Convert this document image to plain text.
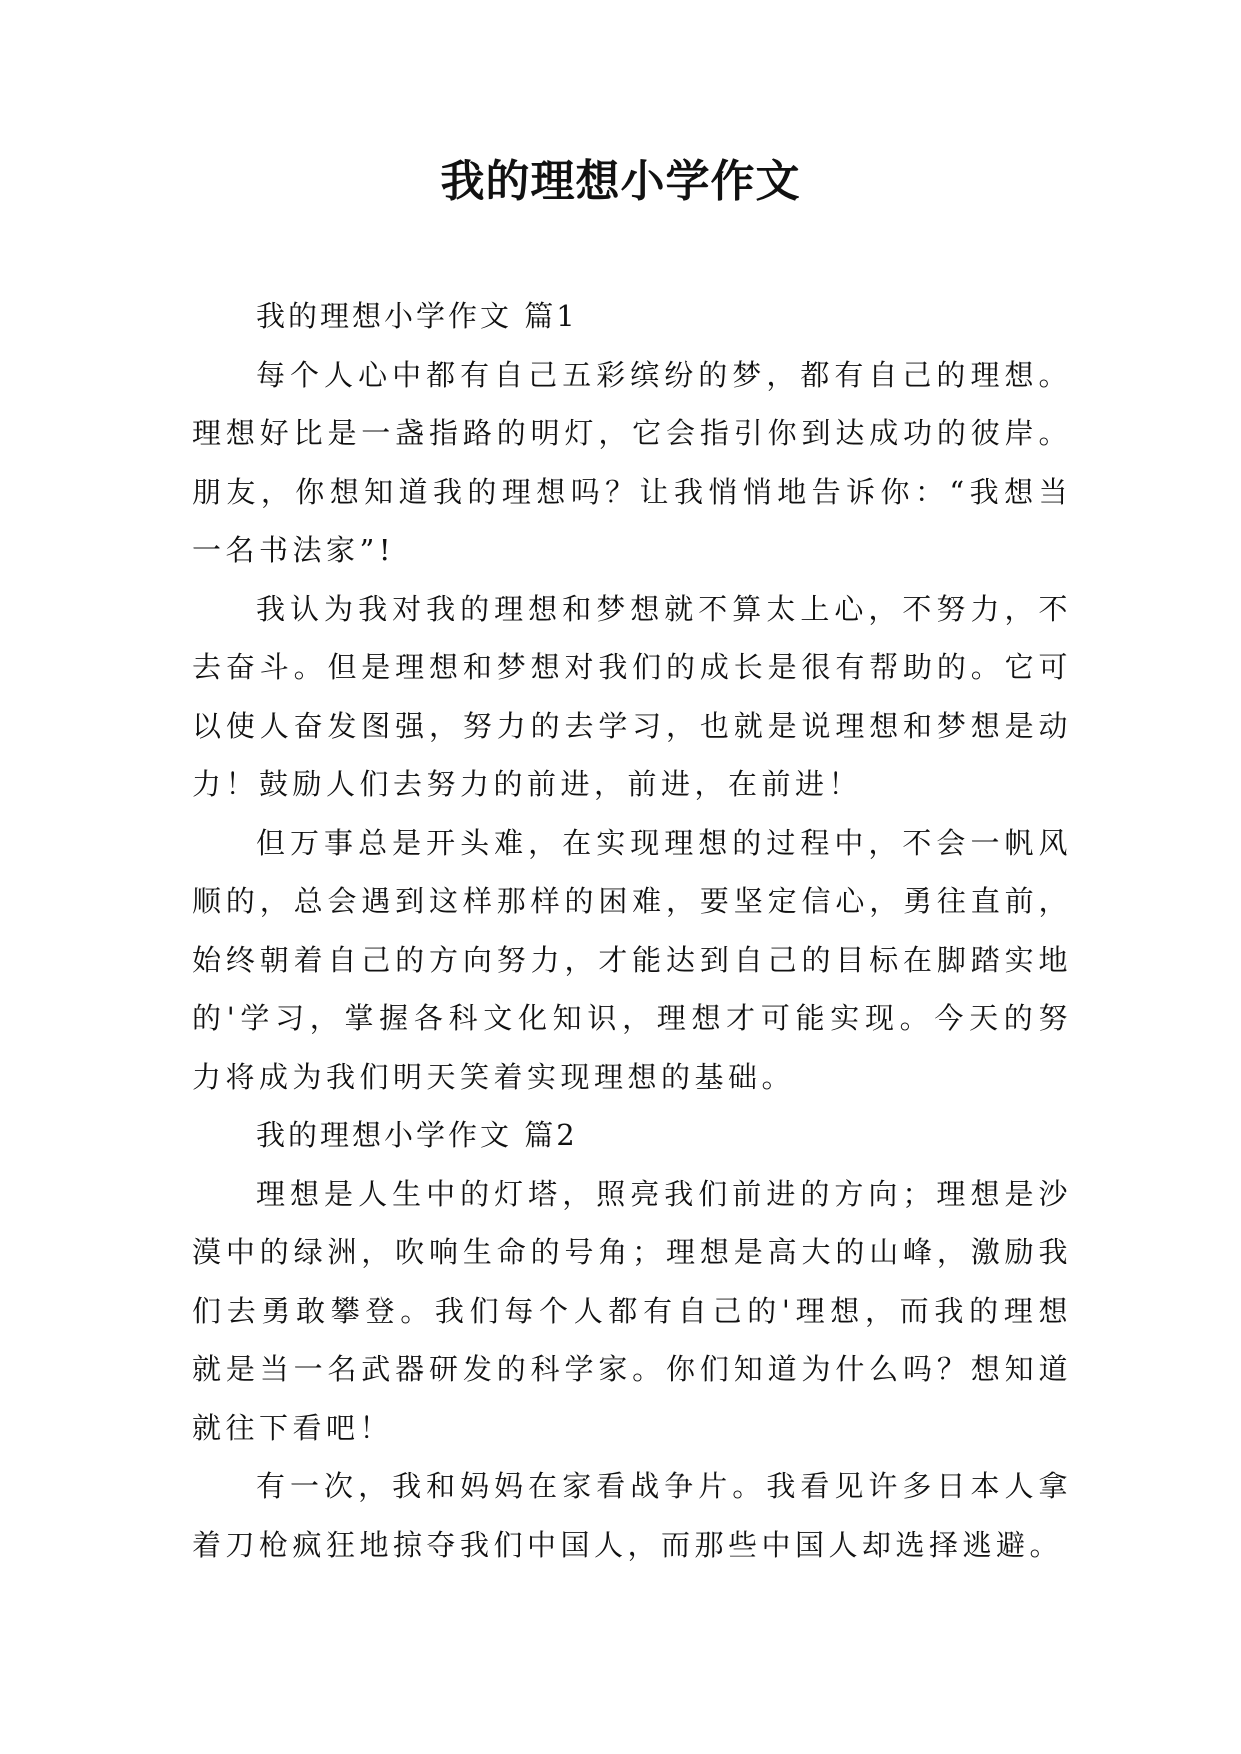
我的理想小学作文

我的理想小学作文 篇1

每个人心中都有自己五彩缤纷的梦，都有自己的理想。理想好比是一盏指路的明灯，它会指引你到达成功的彼岸。朋友，你想知道我的理想吗？让我悄悄地告诉你：“我想当一名书法家”!

我认为我对我的理想和梦想就不算太上心，不努力，不去奋斗。但是理想和梦想对我们的成长是很有帮助的。它可以使人奋发图强，努力的去学习，也就是说理想和梦想是动力！鼓励人们去努力的前进，前进，在前进！

但万事总是开头难，在实现理想的过程中，不会一帆风顺的，总会遇到这样那样的困难，要坚定信心，勇往直前，始终朝着自己的方向努力，才能达到自己的目标在脚踏实地的'学习，掌握各科文化知识，理想才可能实现。今天的努力将成为我们明天笑着实现理想的基础。

我的理想小学作文 篇2

理想是人生中的灯塔，照亮我们前进的方向；理想是沙漠中的绿洲，吹响生命的号角；理想是高大的山峰，激励我们去勇敢攀登。我们每个人都有自己的'理想，而我的理想就是当一名武器研发的科学家。你们知道为什么吗？想知道就往下看吧！

有一次，我和妈妈在家看战争片。我看见许多日本人拿着刀枪疯狂地掠夺我们中国人，而那些中国人却选择逃避。
